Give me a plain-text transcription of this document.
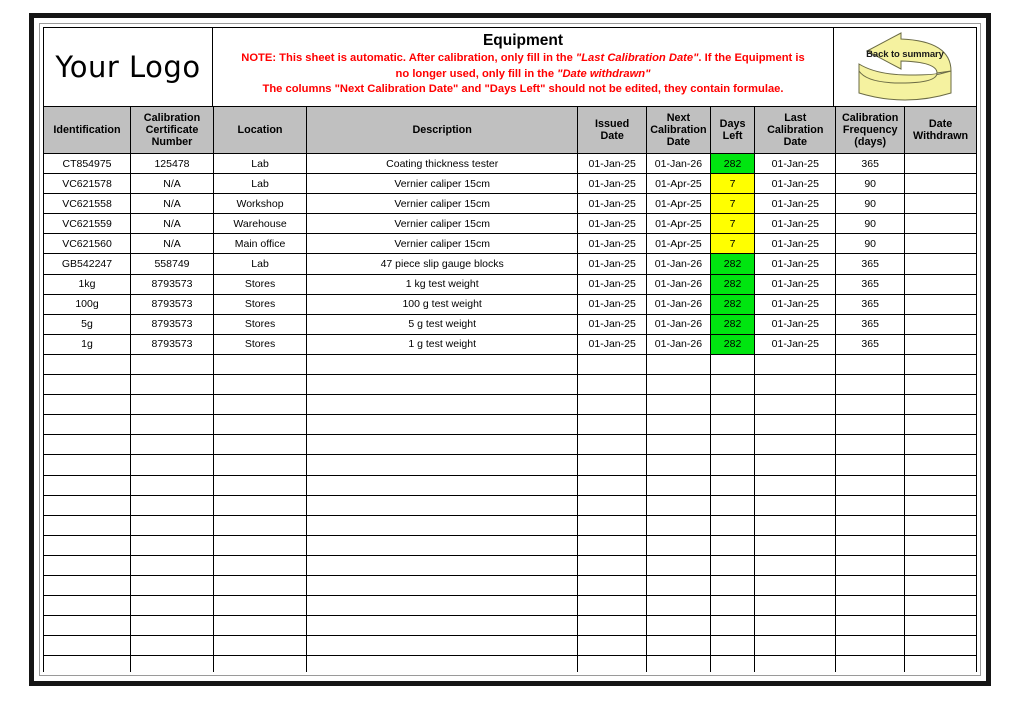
Your Logo
Equipment
NOTE: This sheet is automatic. After calibration, only fill in the "Last Calibration Date". If the Equipment is
no longer used, only fill in the "Date withdrawn"
The columns "Next Calibration Date" and "Days Left" should not be edited, they contain formulae.
Back to summary
Identification	Calibration
Certificate
Number	Location	Description	Issued
Date	Next
Calibration
Date	Days
Left	Last
Calibration
Date	Calibration
Frequency
(days)	Date
Withdrawn
CT854975	125478	Lab	Coating thickness tester	01-Jan-25	01-Jan-26	282	01-Jan-25	365	
VC621578	N/A	Lab	Vernier caliper 15cm	01-Jan-25	01-Apr-25	7	01-Jan-25	90	
VC621558	N/A	Workshop	Vernier caliper 15cm	01-Jan-25	01-Apr-25	7	01-Jan-25	90	
VC621559	N/A	Warehouse	Vernier caliper 15cm	01-Jan-25	01-Apr-25	7	01-Jan-25	90	
VC621560	N/A	Main office	Vernier caliper 15cm	01-Jan-25	01-Apr-25	7	01-Jan-25	90	
GB542247	558749	Lab	47 piece slip gauge blocks	01-Jan-25	01-Jan-26	282	01-Jan-25	365	
1kg	8793573	Stores	1 kg test weight	01-Jan-25	01-Jan-26	282	01-Jan-25	365	
100g	8793573	Stores	100 g test weight	01-Jan-25	01-Jan-26	282	01-Jan-25	365	
5g	8793573	Stores	5 g test weight	01-Jan-25	01-Jan-26	282	01-Jan-25	365	
1g	8793573	Stores	1 g test weight	01-Jan-25	01-Jan-26	282	01-Jan-25	365	
